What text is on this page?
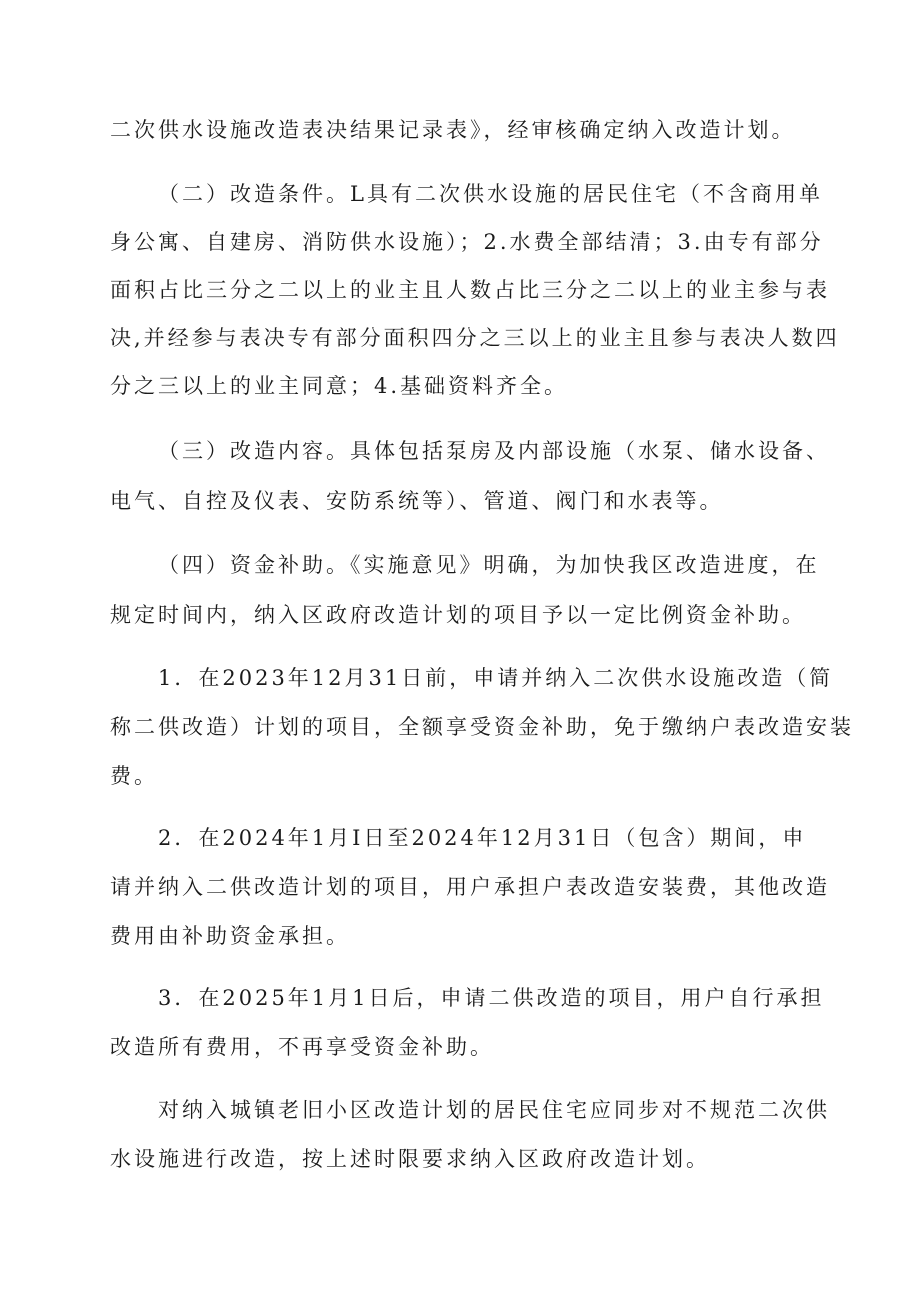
二次供水设施改造表决结果记录表》，经审核确定纳入改造计划。
（二）改造条件。L具有二次供水设施的居民住宅（不含商用单
身公寓、自建房、消防供水设施）；2.水费全部结清；3.由专有部分
面积占比三分之二以上的业主且人数占比三分之二以上的业主参与表
决,并经参与表决专有部分面积四分之三以上的业主且参与表决人数四
分之三以上的业主同意；4.基础资料齐全。
（三）改造内容。具体包括泵房及内部设施（水泵、储水设备、
电气、自控及仪表、安防系统等）、管道、阀门和水表等。
（四）资金补助。《实施意见》明确，为加快我区改造进度，在
规定时间内，纳入区政府改造计划的项目予以一定比例资金补助。
1．在2023年12月31日前，申请并纳入二次供水设施改造（简
称二供改造）计划的项目，全额享受资金补助，免于缴纳户表改造安装
费。
2．在2024年1月I日至2024年12月31日（包含）期间，申
请并纳入二供改造计划的项目，用户承担户表改造安装费，其他改造
费用由补助资金承担。
3．在2025年1月1日后，申请二供改造的项目，用户自行承担
改造所有费用，不再享受资金补助。
对纳入城镇老旧小区改造计划的居民住宅应同步对不规范二次供
水设施进行改造，按上述时限要求纳入区政府改造计划。
